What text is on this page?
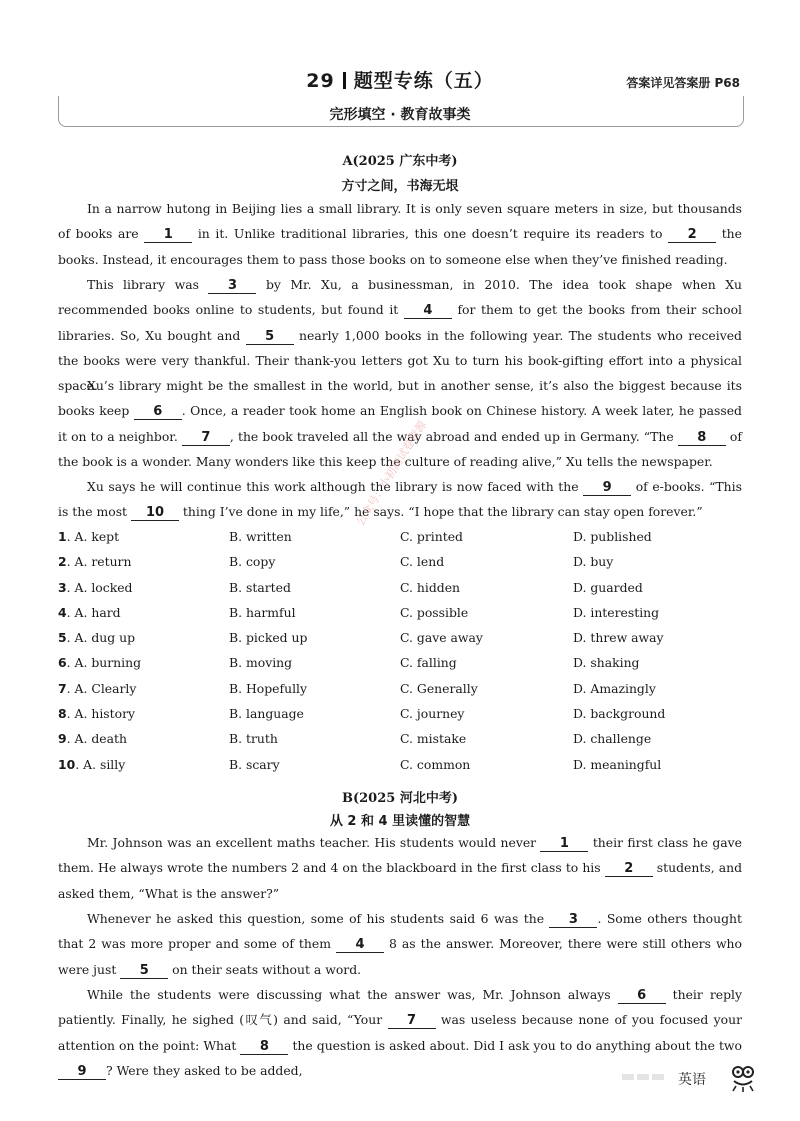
29 题型专练（五）	答案详见答案册 P68
完形填空 · 教育故事类
A(2025 广东中考)
方寸之间，书海无垠

In a narrow hutong in Beijing lies a small library. It is only seven square meters in size, but thousands of books are 1 in it. Unlike traditional libraries, this one doesn’t require its readers to 2 the books. Instead, it encourages them to pass those books on to someone else when they’ve finished reading.

This library was 3 by Mr. Xu, a businessman, in 2010. The idea took shape when Xu recommended books online to students, but found it 4 for them to get the books from their school libraries. So, Xu bought and 5 nearly 1,000 books in the following year. The students who received the books were very thankful. Their thank-you letters got Xu to turn his book-gifting effort into a physical space.

Xu’s library might be the smallest in the world, but in another sense, it’s also the biggest because its books keep 6 . Once, a reader took home an English book on Chinese history. A week later, he passed it on to a neighbor. 7 , the book traveled all the way abroad and ended up in Germany. “The 8 of the book is a wonder. Many wonders like this keep the culture of reading alive,” Xu tells the newspaper.

Xu says he will continue this work although the library is now faced with the 9 of e-books. “This is the most 10 thing I’ve done in my life,” he says. “I hope that the library can stay open forever.”

1. A. kept	B. written	C. printed	D. published
2. A. return	B. copy	C. lend	D. buy
3. A. locked	B. started	C. hidden	D. guarded
4. A. hard	B. harmful	C. possible	D. interesting
5. A. dug up	B. picked up	C. gave away	D. threw away
6. A. burning	B. moving	C. falling	D. shaking
7. A. Clearly	B. Hopefully	C. Generally	D. Amazingly
8. A. history	B. language	C. journey	D. background
9. A. death	B. truth	C. mistake	D. challenge
10. A. silly	B. scary	C. common	D. meaningful
公众号：小初高试卷资源
B(2025 河北中考)
从 2 和 4 里读懂的智慧

Mr. Johnson was an excellent maths teacher. His students would never 1 their first class he gave them. He always wrote the numbers 2 and 4 on the blackboard in the first class to his 2 students, and asked them, “What is the answer?”

Whenever he asked this question, some of his students said 6 was the 3 . Some others thought that 2 was more proper and some of them 4 8 as the answer. Moreover, there were still others who were just 5 on their seats without a word.

While the students were discussing what the answer was, Mr. Johnson always 6 their reply patiently. Finally, he sighed (叹气) and said, “Your 7 was useless because none of you focused your attention on the point: What 8 the question is asked about. Did I ask you to do anything about the two 9 ? Were they asked to be added,

英语
